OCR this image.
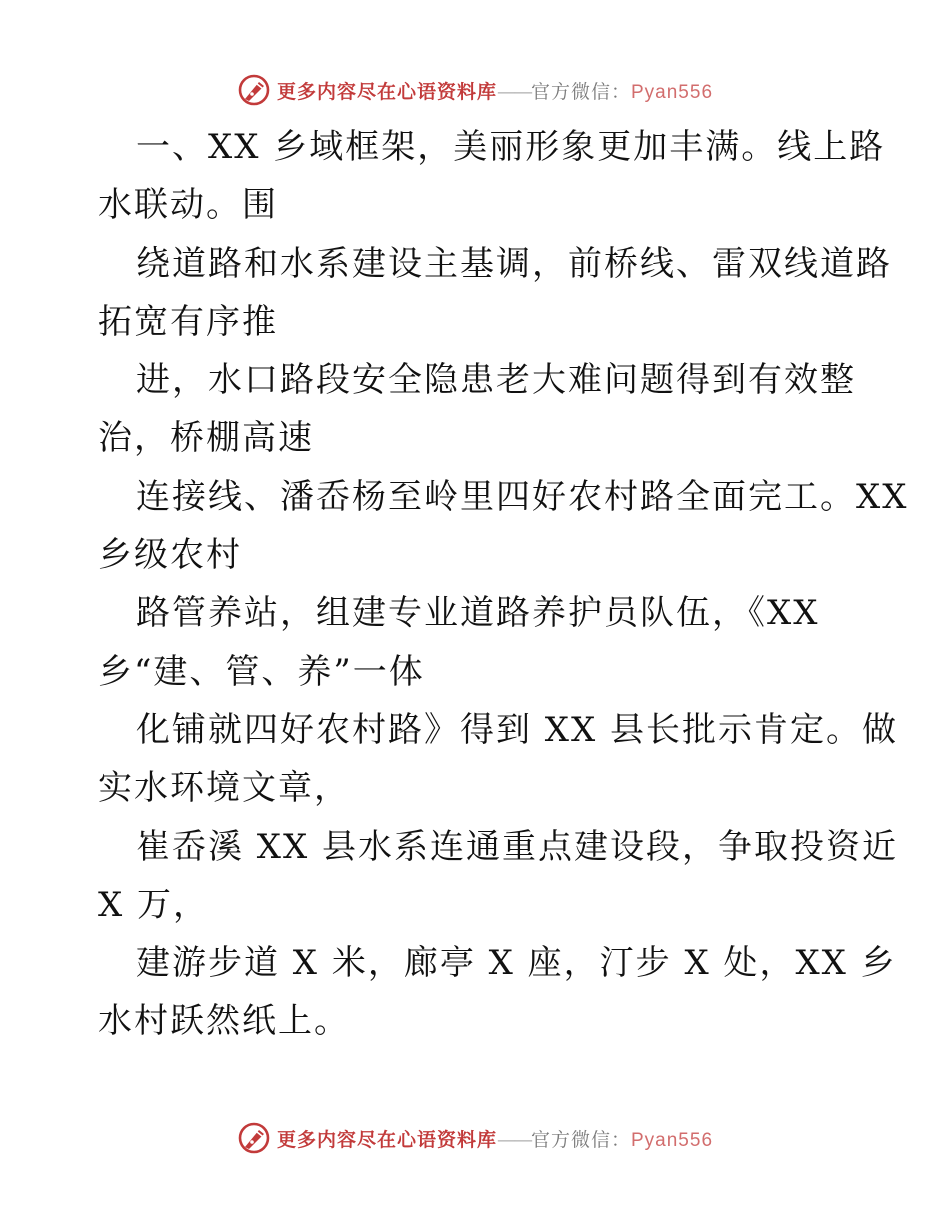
更多内容尽在心语资料库——官方微信：Pyan556
一、XX 乡域框架，美丽形象更加丰满。线上路
水联动。围
绕道路和水系建设主基调，前桥线、雷双线道路
拓宽有序推
进，水口路段安全隐患老大难问题得到有效整
治，桥棚高速
连接线、潘岙杨至岭里四好农村路全面完工。XX
乡级农村
路管养站，组建专业道路养护员队伍，《XX
乡“建、管、养”一体
化铺就四好农村路》得到 XX 县长批示肯定。做
实水环境文章，
崔岙溪 XX 县水系连通重点建设段，争取投资近
X 万，
建游步道 X 米，廊亭 X 座，汀步 X 处，XX 乡
水村跃然纸上。
更多内容尽在心语资料库——官方微信：Pyan556
